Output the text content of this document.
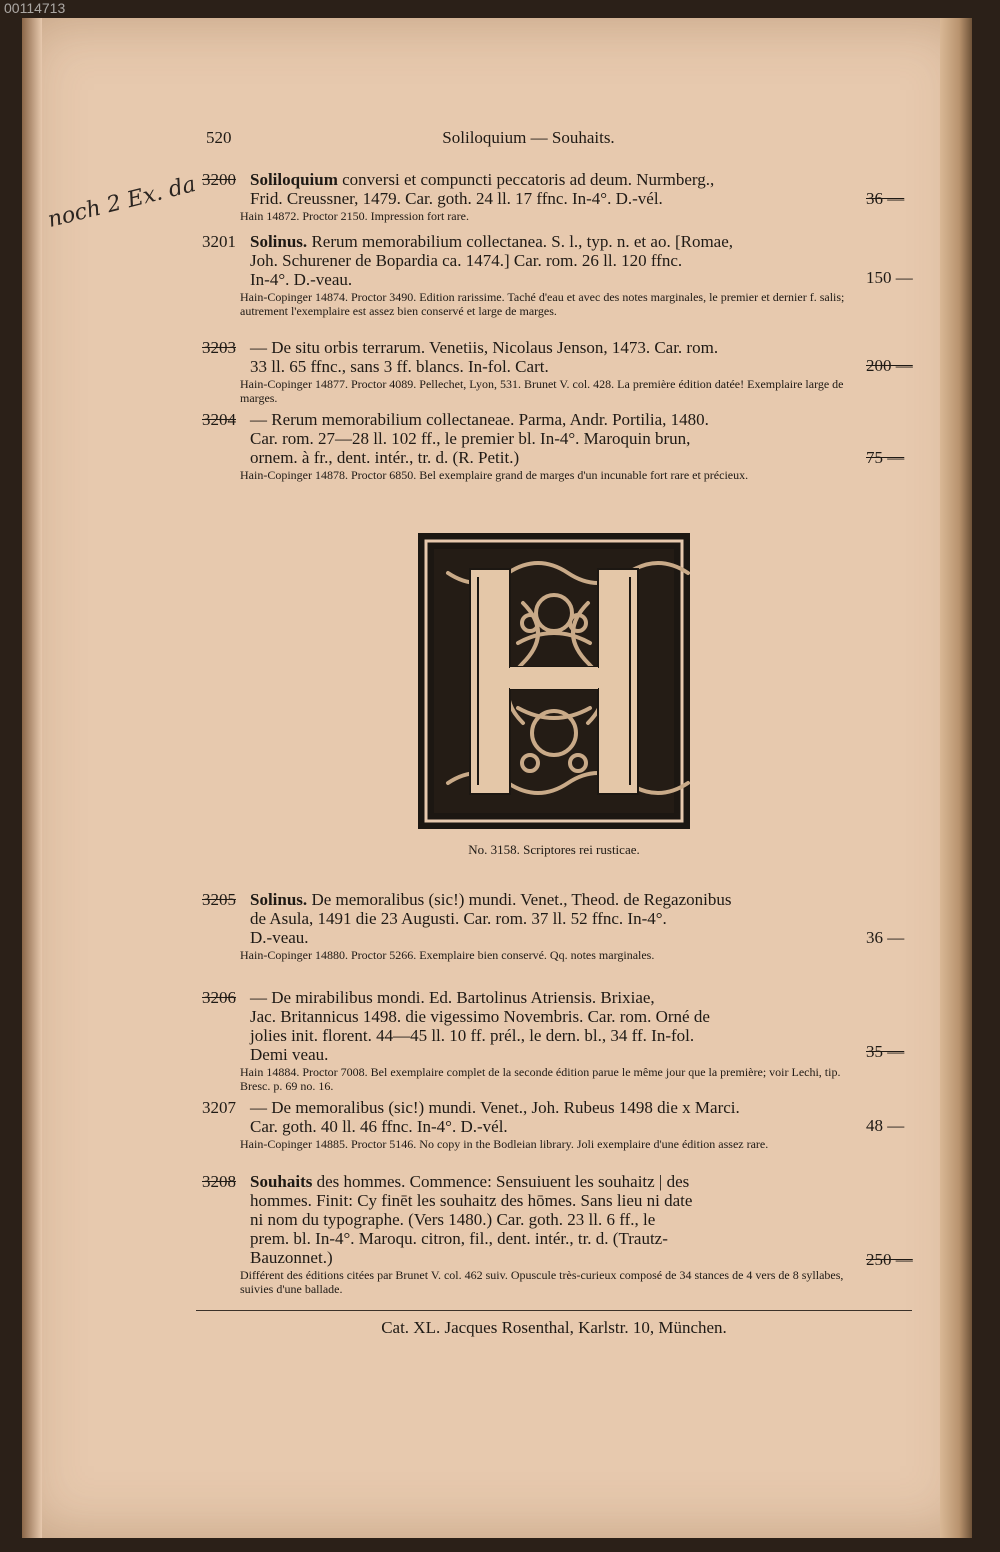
00114713
520	Soliloquium — Souhaits.
noch 2 Ex. da 3200 Soliloquium conversi et compuncti peccatoris ad deum. Nurmberg.,
Frid. Creussner, 1479. Car. goth. 24 ll. 17 ffnc. In-4°. D.-vél.
Hain 14872. Proctor 2150. Impression fort rare.
36 —
3201 Solinus. Rerum memorabilium collectanea. S. l., typ. n. et ao. [Romae,
Joh. Schurener de Bopardia ca. 1474.] Car. rom. 26 ll. 120 ffnc.
In-4°. D.-veau.
Hain-Copinger 14874. Proctor 3490. Edition rarissime. Taché d'eau et avec des notes marginales, le premier et dernier f. salis; autrement l'exemplaire est assez bien conservé et large de marges.
150 —
3203 — De situ orbis terrarum. Venetiis, Nicolaus Jenson, 1473. Car. rom.
33 ll. 65 ffnc., sans 3 ff. blancs. In-fol. Cart.
Hain-Copinger 14877. Proctor 4089. Pellechet, Lyon, 531. Brunet V. col. 428. La première édition datée! Exemplaire large de marges.
200 —
3204 — Rerum memorabilium collectaneae. Parma, Andr. Portilia, 1480.
Car. rom. 27—28 ll. 102 ff., le premier bl. In-4°. Maroquin brun,
ornem. à fr., dent. intér., tr. d. (R. Petit.)
Hain-Copinger 14878. Proctor 6850. Bel exemplaire grand de marges d'un incunable fort rare et précieux.
75 —
No. 3158. Scriptores rei rusticae.
3205 Solinus. De memoralibus (sic!) mundi. Venet., Theod. de Regazonibus
de Asula, 1491 die 23 Augusti. Car. rom. 37 ll. 52 ffnc. In-4°.
D.-veau.
Hain-Copinger 14880. Proctor 5266. Exemplaire bien conservé. Qq. notes marginales.
36 —
3206 — De mirabilibus mondi. Ed. Bartolinus Atriensis. Brixiae,
Jac. Britannicus 1498. die vigessimo Novembris. Car. rom. Orné de
jolies init. florent. 44—45 ll. 10 ff. prél., le dern. bl., 34 ff. In-fol.
Demi veau.
Hain 14884. Proctor 7008. Bel exemplaire complet de la seconde édition parue le même jour que la première; voir Lechi, tip. Bresc. p. 69 no. 16.
35 —
3207 — De memoralibus (sic!) mundi. Venet., Joh. Rubeus 1498 die x Marci.
Car. goth. 40 ll. 46 ffnc. In-4°. D.-vél.
Hain-Copinger 14885. Proctor 5146. No copy in the Bodleian library. Joli exemplaire d'une édition assez rare.
48 —
3208 Souhaits des hommes. Commence: Sensuiuent les souhaitz | des
hommes. Finit: Cy finēt les souhaitz des hōmes. Sans lieu ni date
ni nom du typographe. (Vers 1480.) Car. goth. 23 ll. 6 ff., le
prem. bl. In-4°. Maroqu. citron, fil., dent. intér., tr. d. (Trautz-
Bauzonnet.)
Différent des éditions citées par Brunet V. col. 462 suiv. Opuscule très-curieux composé de 34 stances de 4 vers de 8 syllabes, suivies d'une ballade.
250 —
Cat. XL. Jacques Rosenthal, Karlstr. 10, München.
